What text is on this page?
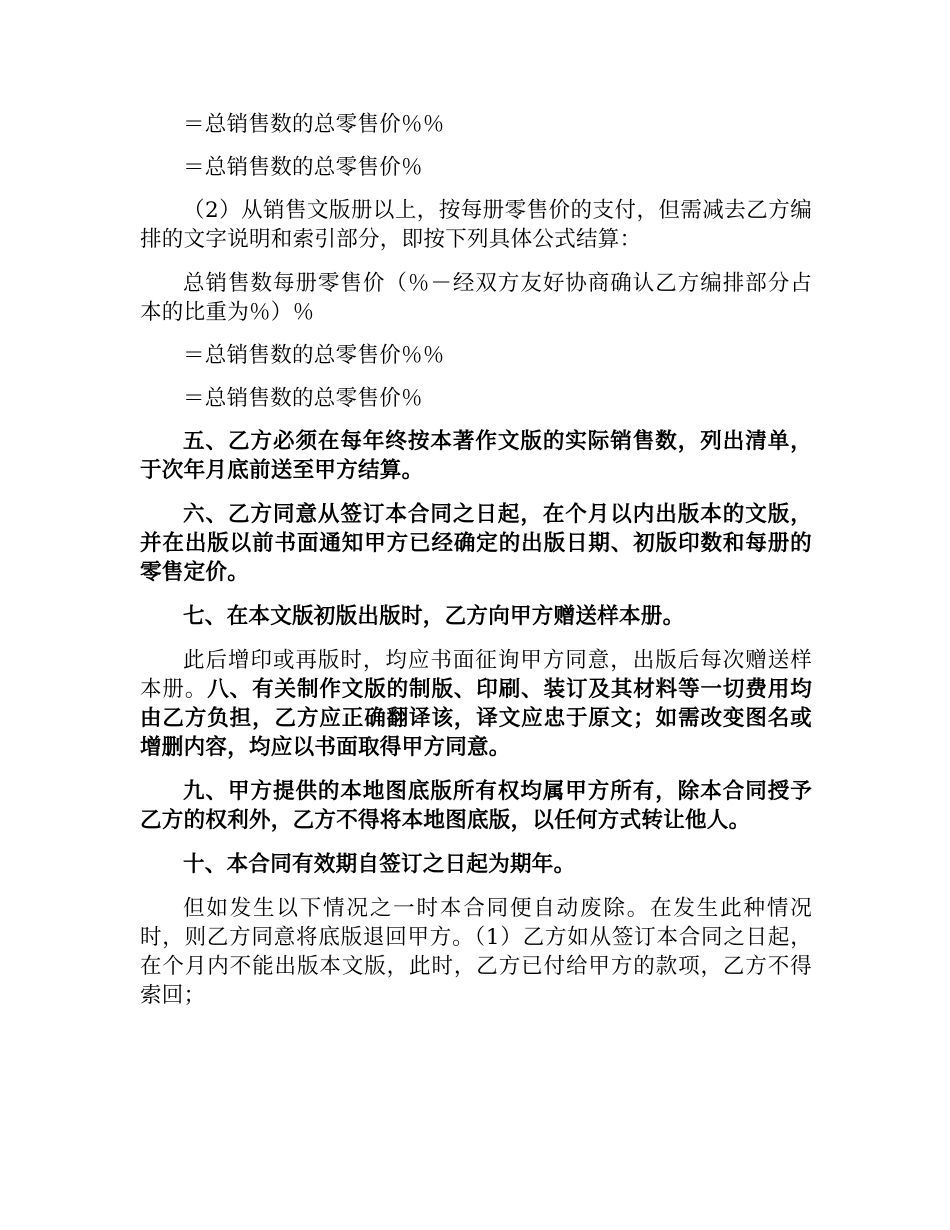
＝总销售数的总零售价％％

＝总销售数的总零售价％

（2）从销售文版册以上，按每册零售价的支付，但需减去乙方编排的文字说明和索引部分，即按下列具体公式结算：

总销售数每册零售价（％－经双方友好协商确认乙方编排部分占本的比重为％）％

＝总销售数的总零售价％％

＝总销售数的总零售价％

五、乙方必须在每年终按本著作文版的实际销售数，列出清单，于次年月底前送至甲方结算。

六、乙方同意从签订本合同之日起，在个月以内出版本的文版，并在出版以前书面通知甲方已经确定的出版日期、初版印数和每册的零售定价。

七、在本文版初版出版时，乙方向甲方赠送样本册。

此后增印或再版时，均应书面征询甲方同意，出版后每次赠送样本册。八、有关制作文版的制版、印刷、装订及其材料等一切费用均由乙方负担，乙方应正确翻译该，译文应忠于原文；如需改变图名或增删内容，均应以书面取得甲方同意。

九、甲方提供的本地图底版所有权均属甲方所有，除本合同授予乙方的权利外，乙方不得将本地图底版，以任何方式转让他人。

十、本合同有效期自签订之日起为期年。

但如发生以下情况之一时本合同便自动废除。在发生此种情况时，则乙方同意将底版退回甲方。（1）乙方如从签订本合同之日起，在个月内不能出版本文版，此时，乙方已付给甲方的款项，乙方不得索回；
